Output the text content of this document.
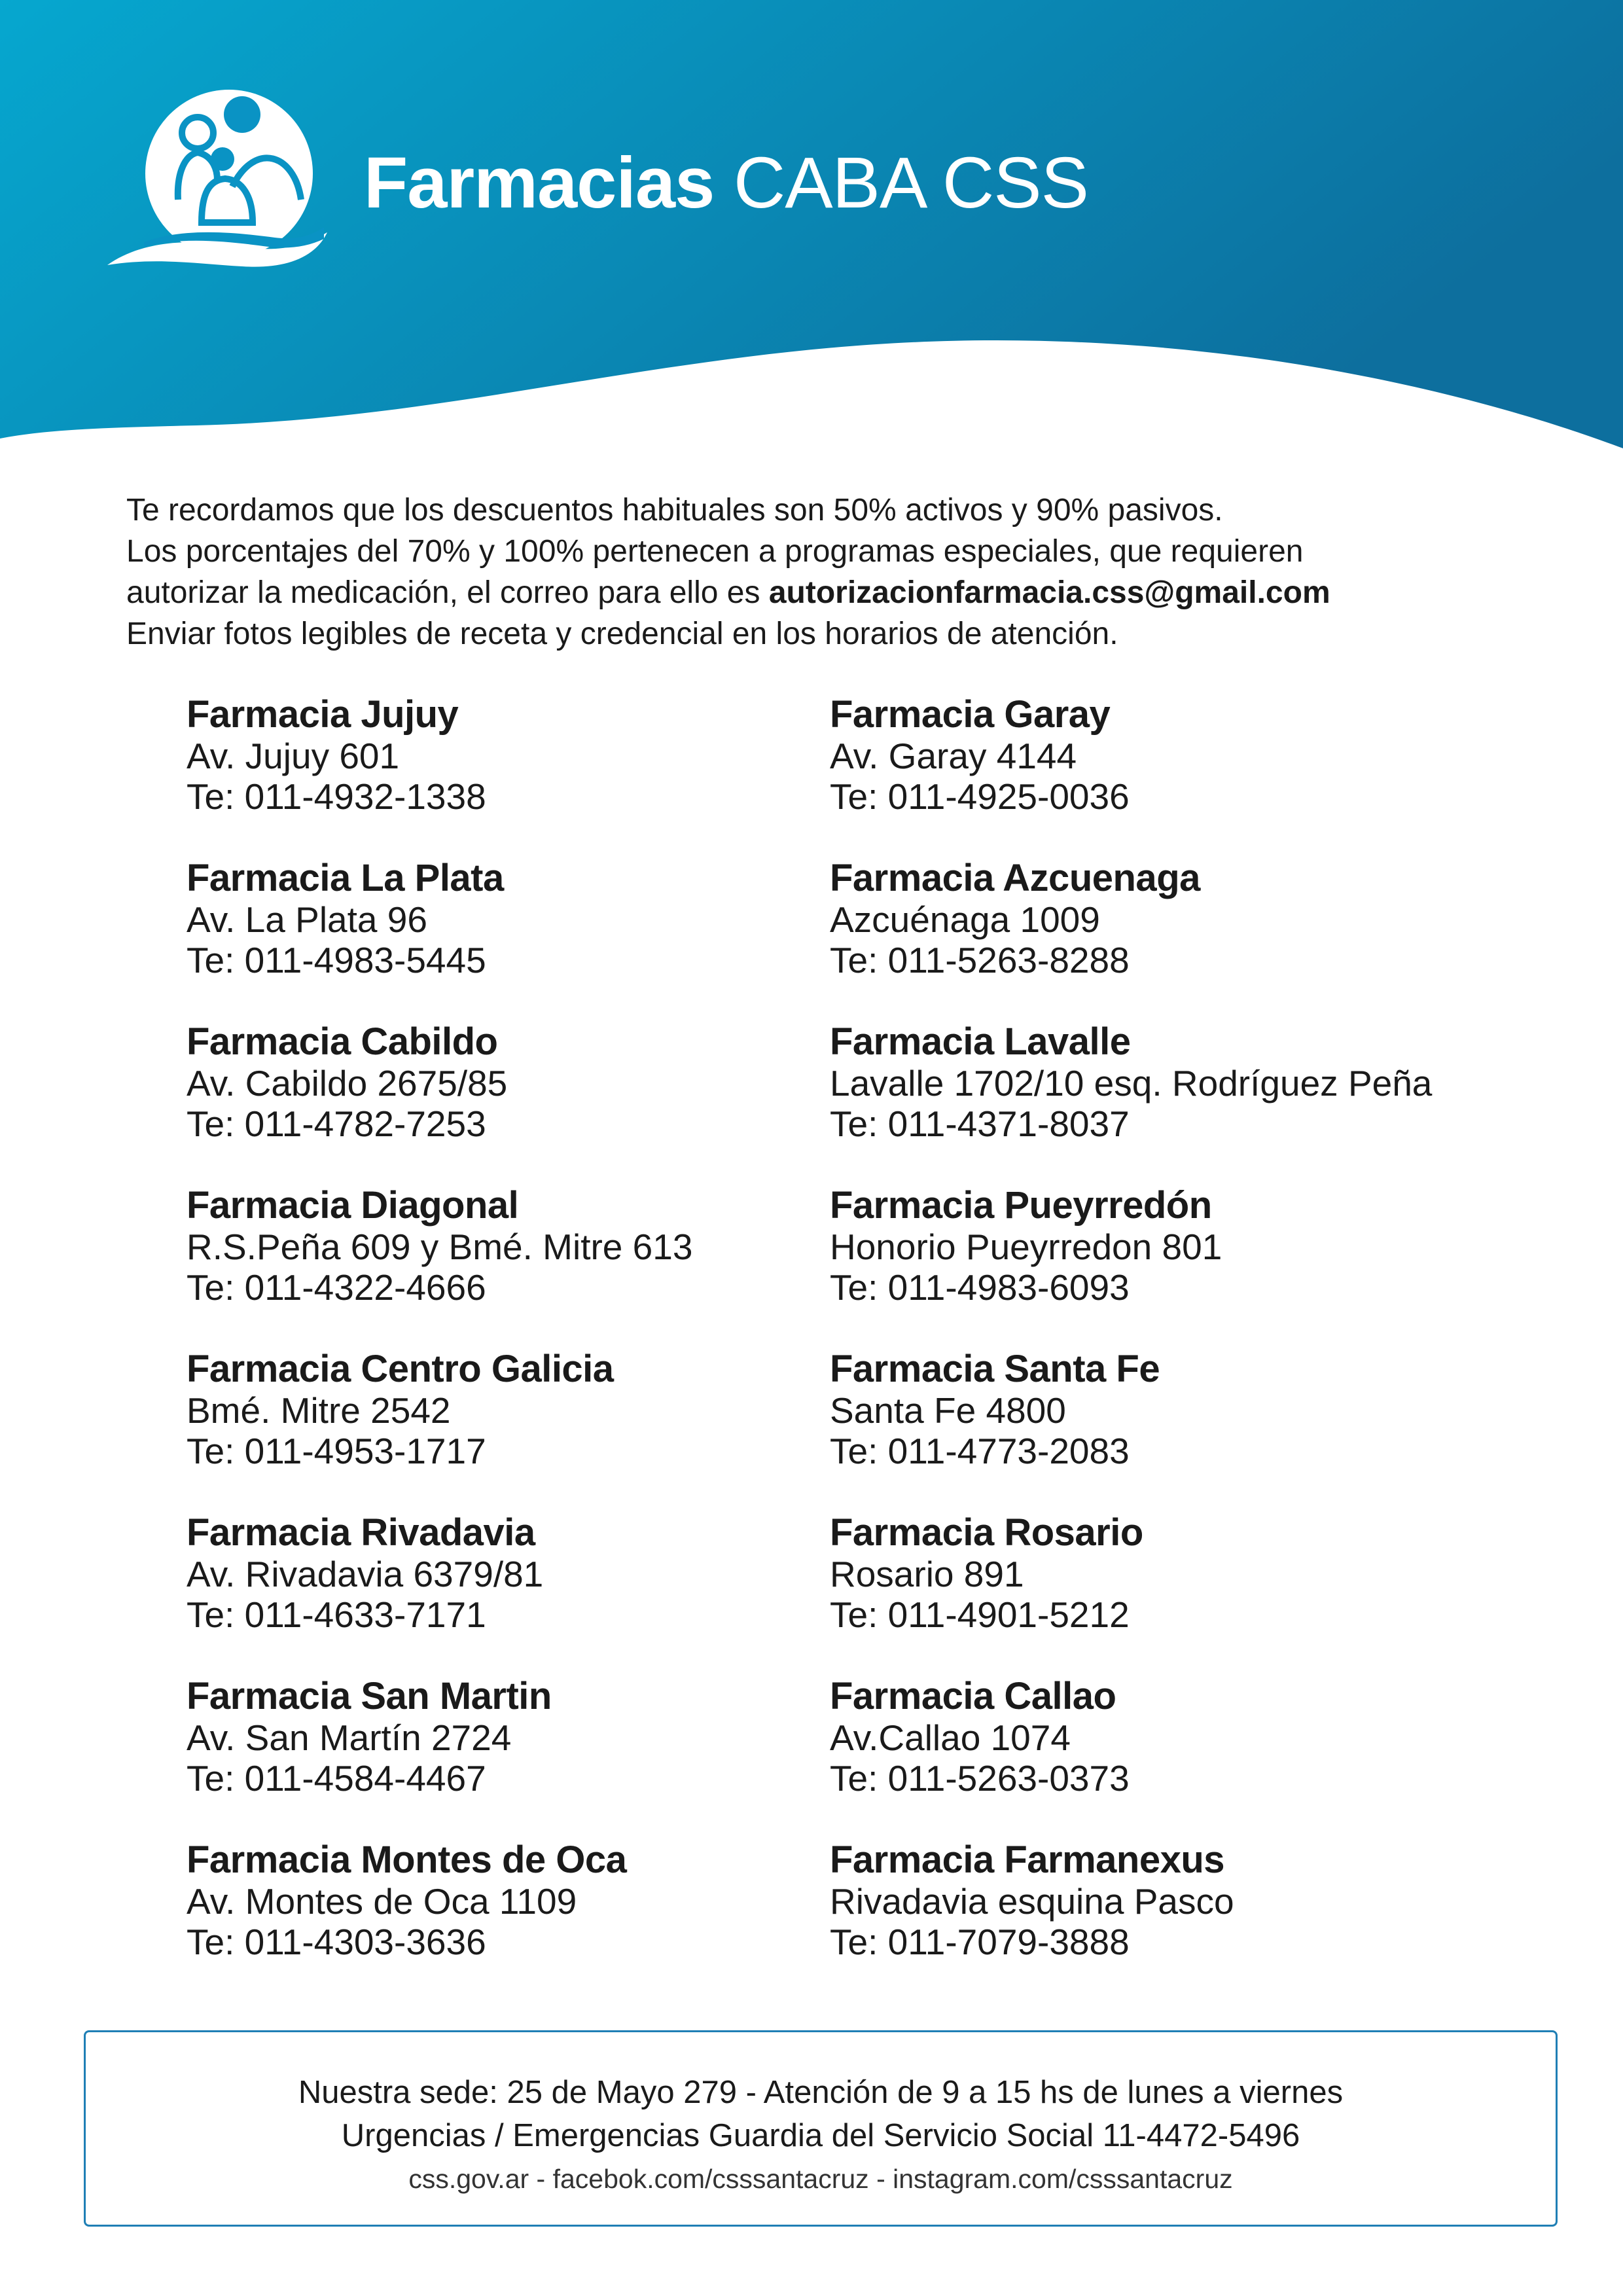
Farmacias CABA CSS
Te recordamos que los descuentos habituales son 50% activos y 90% pasivos.
Los porcentajes del 70% y 100% pertenecen a programas especiales, que requieren
autorizar la medicación, el correo para ello es autorizacionfarmacia.css@gmail.com
Enviar fotos legibles de receta y credencial en los horarios de atención.
Farmacia Jujuy
Av. Jujuy 601
Te: 011-4932-1338
Farmacia La Plata
Av. La Plata 96
Te: 011-4983-5445
Farmacia Cabildo
Av. Cabildo 2675/85
Te: 011-4782-7253
Farmacia Diagonal
R.S.Peña 609 y Bmé. Mitre 613
Te: 011-4322-4666
Farmacia Centro Galicia
Bmé. Mitre 2542
Te: 011-4953-1717
Farmacia Rivadavia
Av. Rivadavia 6379/81
Te: 011-4633-7171
Farmacia San Martin
Av. San Martín 2724
Te: 011-4584-4467
Farmacia Montes de Oca
Av. Montes de Oca 1109
Te: 011-4303-3636
Farmacia Garay
Av. Garay 4144
Te: 011-4925-0036
Farmacia Azcuenaga
Azcuénaga 1009
Te: 011-5263-8288
Farmacia Lavalle
Lavalle 1702/10 esq. Rodríguez Peña
Te: 011-4371-8037
Farmacia Pueyrredón
Honorio Pueyrredon 801
Te: 011-4983-6093
Farmacia Santa Fe
Santa Fe 4800
Te: 011-4773-2083
Farmacia Rosario
Rosario 891
Te: 011-4901-5212
Farmacia Callao
Av.Callao 1074
Te: 011-5263-0373
Farmacia Farmanexus
Rivadavia esquina Pasco
Te: 011-7079-3888
Nuestra sede: 25 de Mayo 279 - Atención de 9 a 15 hs de lunes a viernes
Urgencias / Emergencias Guardia del Servicio Social 11-4472-5496
css.gov.ar - facebok.com/csssantacruz - instagram.com/csssantacruz
